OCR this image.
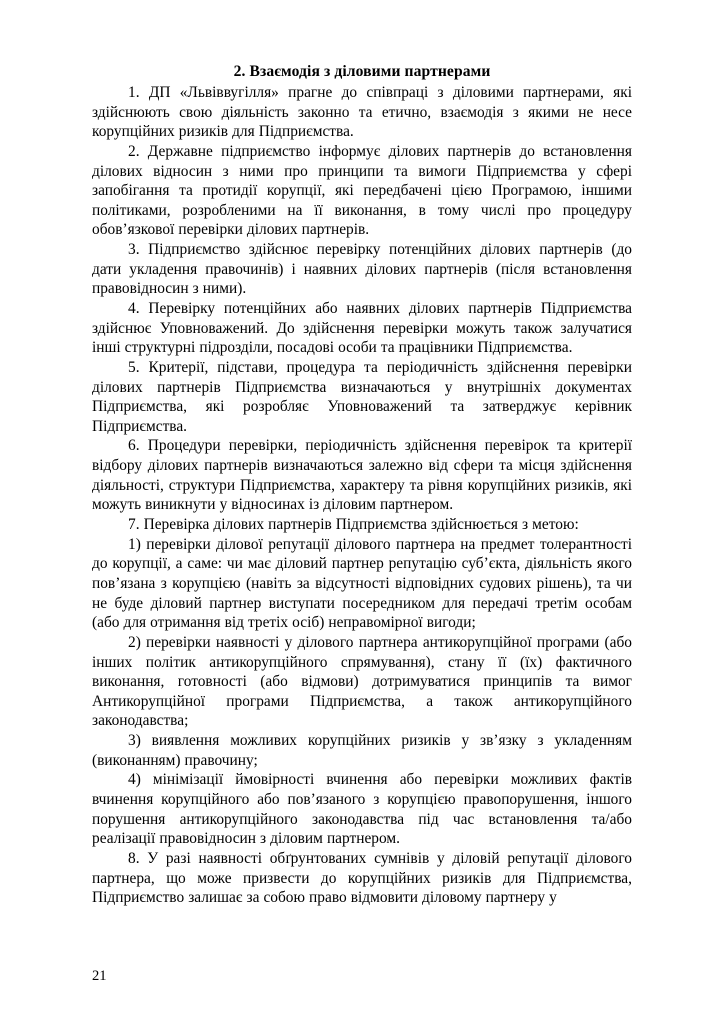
2. Взаємодія з діловими партнерами

1. ДП «Львіввугілля» прагне до співпраці з діловими партнерами, які здійснюють свою діяльність законно та етично, взаємодія з якими не несе корупційних ризиків для Підприємства.

2. Державне підприємство інформує ділових партнерів до встановлення ділових відносин з ними про принципи та вимоги Підприємства у сфері запобігання та протидії корупції, які передбачені цією Програмою, іншими політиками, розробленими на її виконання, в тому числі про процедуру обов’язкової перевірки ділових партнерів.

3. Підприємство здійснює перевірку потенційних ділових партнерів (до дати укладення правочинів) і наявних ділових партнерів (після встановлення правовідносин з ними).

4. Перевірку потенційних або наявних ділових партнерів Підприємства здійснює Уповноважений. До здійснення перевірки можуть також залучатися інші структурні підрозділи, посадові особи та працівники Підприємства.

5. Критерії, підстави, процедура та періодичність здійснення перевірки ділових партнерів Підприємства визначаються у внутрішніх документах Підприємства, які розробляє Уповноважений та затверджує керівник Підприємства.

6. Процедури перевірки, періодичність здійснення перевірок та критерії відбору ділових партнерів визначаються залежно від сфери та місця здійснення діяльності, структури Підприємства, характеру та рівня корупційних ризиків, які можуть виникнути у відносинах із діловим партнером.

7. Перевірка ділових партнерів Підприємства здійснюється з метою:

1) перевірки ділової репутації ділового партнера на предмет толерантності до корупції, а саме: чи має діловий партнер репутацію суб’єкта, діяльність якого пов’язана з корупцією (навіть за відсутності відповідних судових рішень), та чи не буде діловий партнер виступати посередником для передачі третім особам (або для отримання від третіх осіб) неправомірної вигоди;

2) перевірки наявності у ділового партнера антикорупційної програми (або інших політик антикорупційного спрямування), стану її (їх) фактичного виконання, готовності (або відмови) дотримуватися принципів та вимог Антикорупційної програми Підприємства, а також антикорупційного законодавства;

3) виявлення можливих корупційних ризиків у зв’язку з укладенням (виконанням) правочину;

4) мінімізації ймовірності вчинення або перевірки можливих фактів вчинення корупційного або пов’язаного з корупцією правопорушення, іншого порушення антикорупційного законодавства під час встановлення та/або реалізації правовідносин з діловим партнером.

8. У разі наявності обґрунтованих сумнівів у діловій репутації ділового партнера, що може призвести до корупційних ризиків для Підприємства, Підприємство залишає за собою право відмовити діловому партнеру у

21
